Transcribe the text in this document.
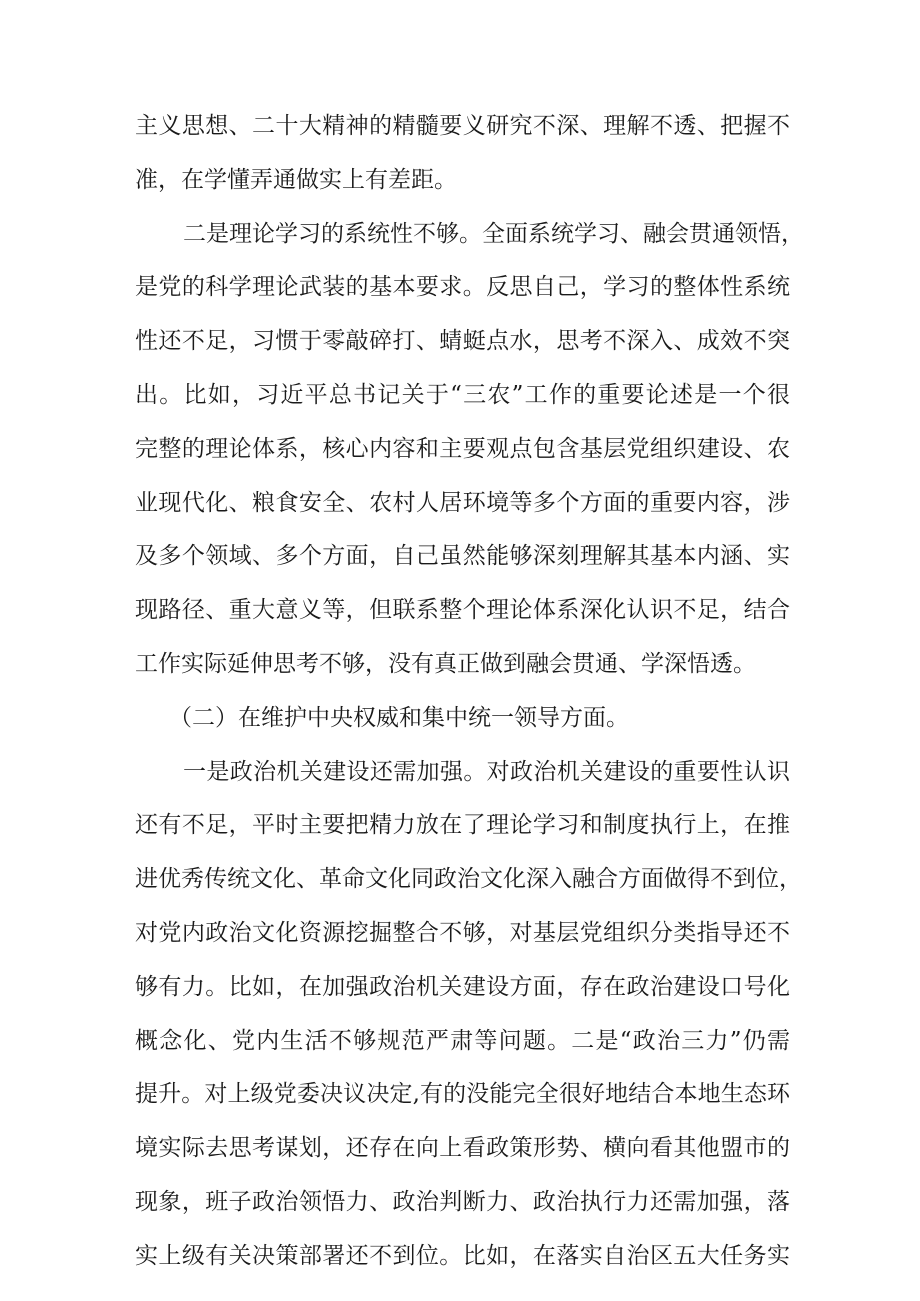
主义思想、二十大精神的精髓要义研究不深、理解不透、把握不
准，在学懂弄通做实上有差距。
二是理论学习的系统性不够。全面系统学习、融会贯通领悟，
是党的科学理论武装的基本要求。反思自己，学习的整体性系统
性还不足，习惯于零敲碎打、蜻蜓点水，思考不深入、成效不突
出。比如，习近平总书记关于“三农”工作的重要论述是一个很
完整的理论体系，核心内容和主要观点包含基层党组织建设、农
业现代化、粮食安全、农村人居环境等多个方面的重要内容，涉
及多个领域、多个方面，自己虽然能够深刻理解其基本内涵、实
现路径、重大意义等，但联系整个理论体系深化认识不足，结合
工作实际延伸思考不够，没有真正做到融会贯通、学深悟透。
（二）在维护中央权威和集中统一领导方面。
一是政治机关建设还需加强。对政治机关建设的重要性认识
还有不足，平时主要把精力放在了理论学习和制度执行上，在推
进优秀传统文化、革命文化同政治文化深入融合方面做得不到位，
对党内政治文化资源挖掘整合不够，对基层党组织分类指导还不
够有力。比如，在加强政治机关建设方面，存在政治建设口号化
概念化、党内生活不够规范严肃等问题。二是“政治三力”仍需
提升。对上级党委决议决定,有的没能完全很好地结合本地生态环
境实际去思考谋划，还存在向上看政策形势、横向看其他盟市的
现象，班子政治领悟力、政治判断力、政治执行力还需加强，落
实上级有关决策部署还不到位。比如，在落实自治区五大任务实
